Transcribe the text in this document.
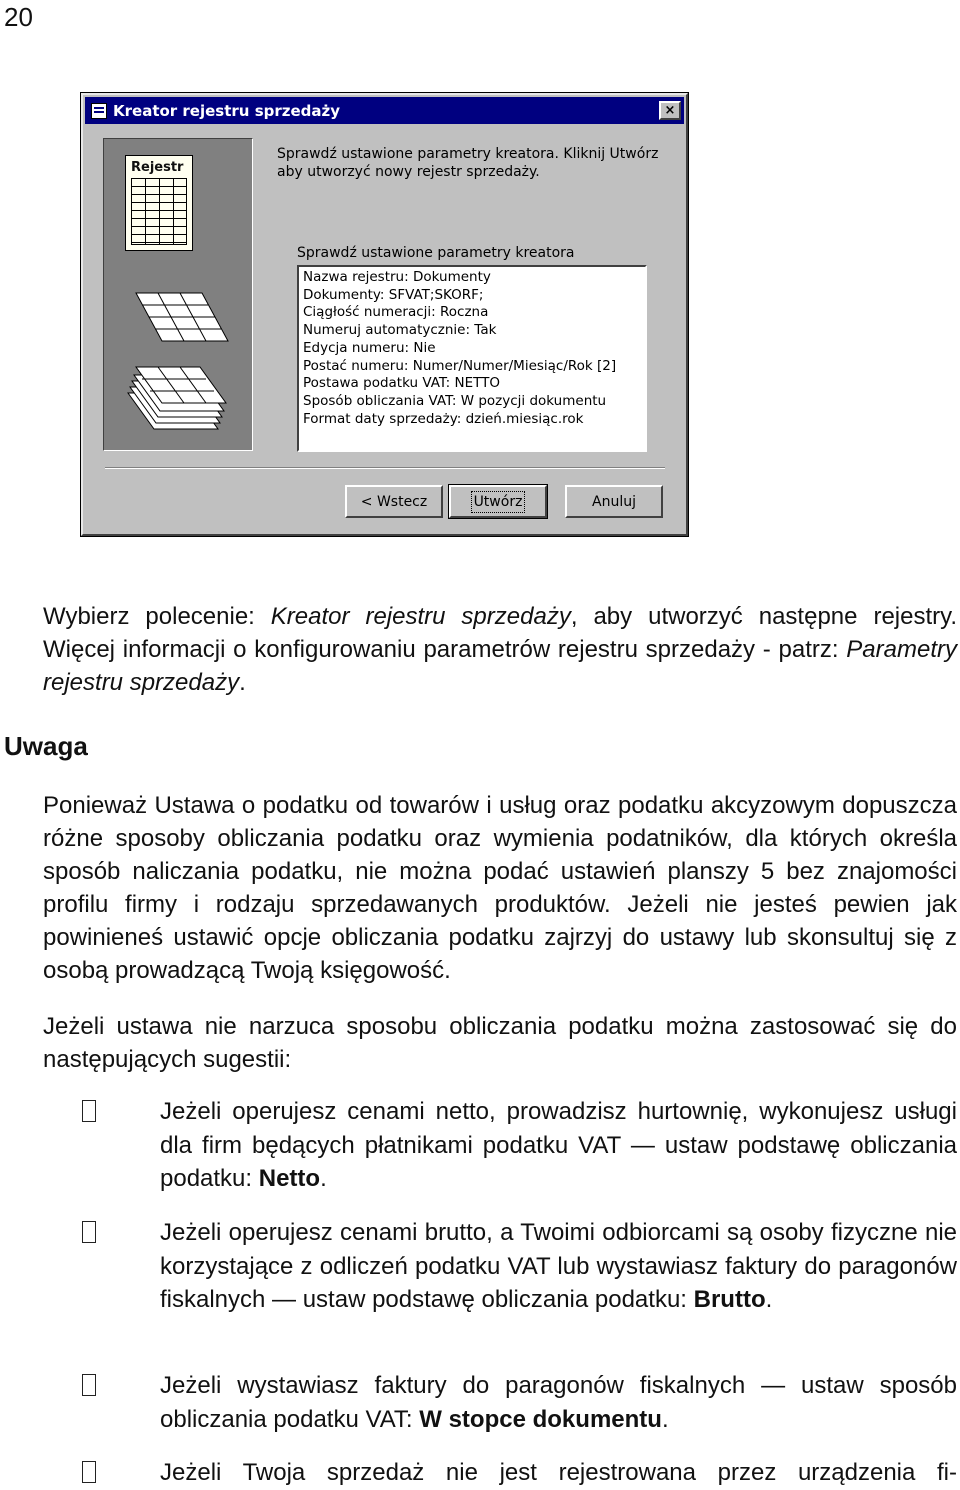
20
Kreator rejestru sprzedaży	×
Rejestr
Sprawdź ustawione parametry kreatora. Kliknij Utwórz aby utworzyć nowy rejestr sprzedaży.
Sprawdź ustawione parametry kreatora
Nazwa rejestru: Dokumenty
Dokumenty: SFVAT;SKORF;
Ciągłość numeracji: Roczna
Numeruj automatycznie: Tak
Edycja numeru: Nie
Postać numeru: Numer/Numer/Miesiąc/Rok [2]
Postawa podatku VAT: NETTO
Sposób obliczania VAT: W pozycji dokumentu
Format daty sprzedaży: dzień.miesiąc.rok
< Wstecz	Utwórz	Anuluj

Wybierz polecenie: Kreator rejestru sprzedaży, aby utworzyć następne rejestry. Więcej informacji o konfigurowaniu parametrów rejestru sprzedaży - patrz: Parametry rejestru sprzedaży.

Uwaga

Ponieważ Ustawa o podatku od towarów i usług oraz podatku akcyzowym dopuszcza różne sposoby obliczania podatku oraz wymienia podatników, dla których określa sposób naliczania podatku, nie można podać ustawień planszy 5 bez znajomości profilu firmy i rodzaju sprzedawanych produktów. Jeżeli nie jesteś pewien jak powinieneś ustawić opcje obliczania podatku zajrzyj do ustawy lub skonsultuj się z osobą prowadzącą Twoją księgowość.

Jeżeli ustawa nie narzuca sposobu obliczania podatku można zastosować się do następujących sugestii:

Jeżeli operujesz cenami netto, prowadzisz hurtownię, wykonujesz usługi dla firm będących płatnikami podatku VAT — ustaw podstawę obliczania podatku: Netto.

Jeżeli operujesz cenami brutto, a Twoimi odbiorcami są osoby fizyczne nie korzystające z odliczeń podatku VAT lub wystawiasz faktury do paragonów fiskalnych — ustaw podstawę obliczania podatku: Brutto.

Jeżeli wystawiasz faktury do paragonów fiskalnych — ustaw sposób obliczania podatku VAT: W stopce dokumentu.

Jeżeli Twoja sprzedaż nie jest rejestrowana przez urządzenia fi-
